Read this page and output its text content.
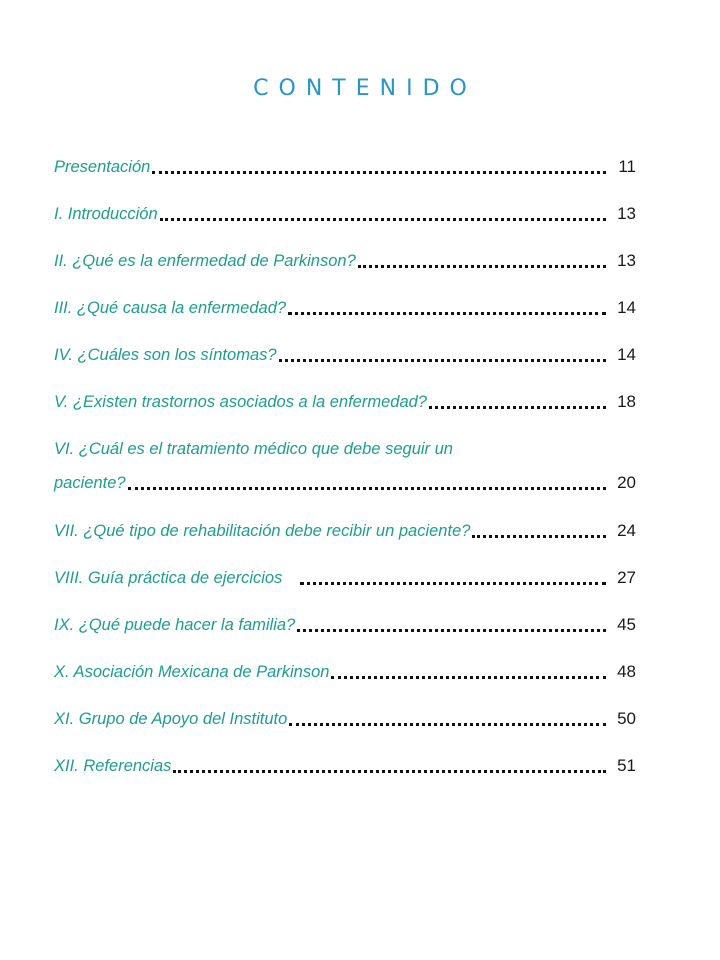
CONTENIDO
Presentación	11
I. Introducción	13
II. ¿Qué es la enfermedad de Parkinson?	13
III. ¿Qué causa la enfermedad?	14
IV. ¿Cuáles son los síntomas?	14
V. ¿Existen trastornos asociados a la enfermedad?	18
VI. ¿Cuál es el tratamiento médico que debe seguir un
paciente?	20
VII. ¿Qué tipo de rehabilitación debe recibir un paciente?	24
VIII. Guía práctica de ejercicios	27
IX. ¿Qué puede hacer la familia?	45
X. Asociación Mexicana de Parkinson	48
XI. Grupo de Apoyo del Instituto	50
XII. Referencias	51
